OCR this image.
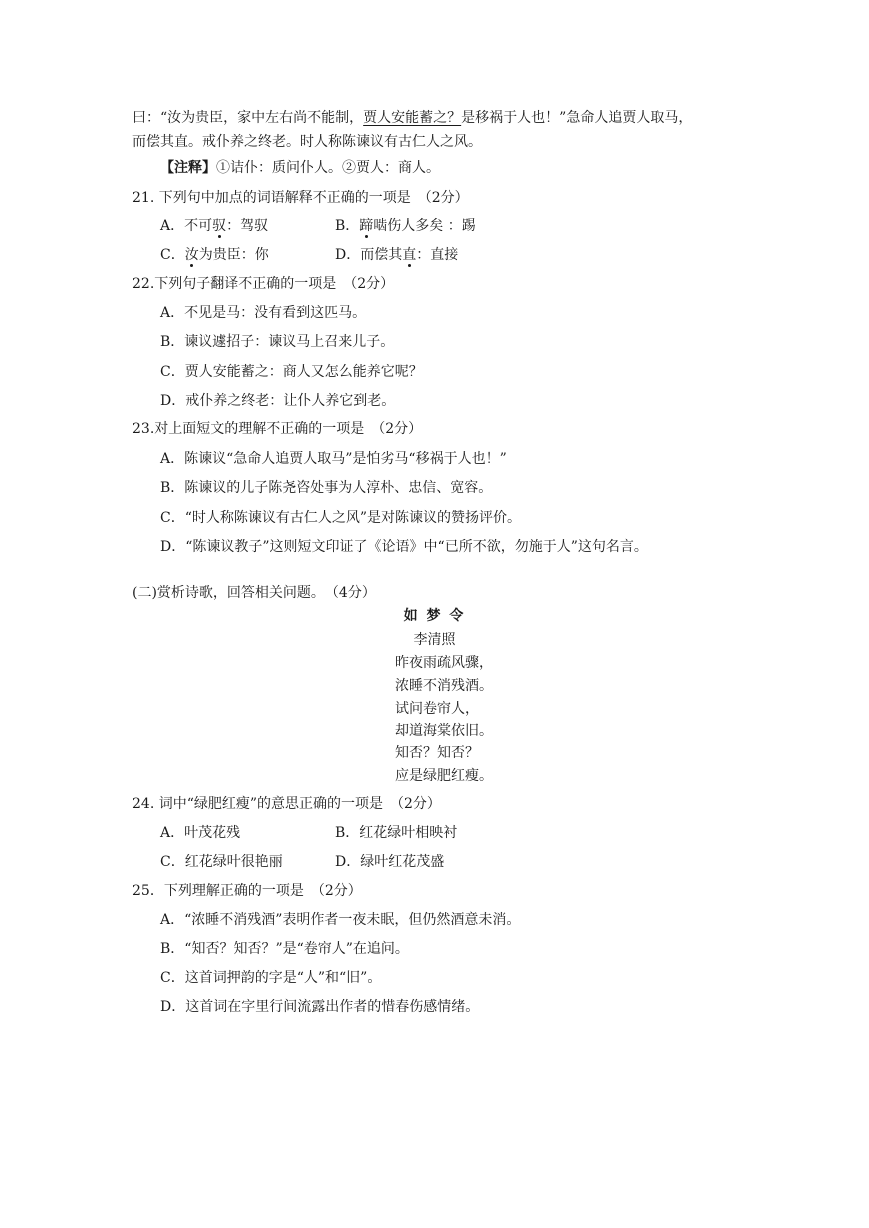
曰：“汝为贵臣，家中左右尚不能制，贾人安能蓄之？是移祸于人也！”急命人追贾人取马，
而偿其直。戒仆养之终老。时人称陈谏议有古仁人之风。
【注释】①诘仆：质问仆人。②贾人：商人。
21. 下列句中加点的词语解释不正确的一项是　（2分）
A．不可驭：驾驭	B．蹄啮伤人多矣 ：踢
C．汝为贵臣：你	D．而偿其直：直接
22.下列句子翻译不正确的一项是　（2分）
A．不见是马：没有看到这匹马。
B．谏议遽招子：谏议马上召来儿子。
C．贾人安能蓄之：商人又怎么能养它呢？
D．戒仆养之终老：让仆人养它到老。
23.对上面短文的理解不正确的一项是　（2分）
A．陈谏议“急命人追贾人取马”是怕劣马“移祸于人也！”
B．陈谏议的儿子陈尧咨处事为人淳朴、忠信、宽容。
C．“时人称陈谏议有古仁人之风”是对陈谏议的赞扬评价。
D．“陈谏议教子”这则短文印证了《论语》中“已所不欲，勿施于人”这句名言。
(二)赏析诗歌，回答相关问题。　（4分）
如 梦 令
李清照
昨夜雨疏风骤，
浓睡不消残酒。
试问卷帘人，
却道海棠依旧。
知否？知否？
应是绿肥红瘦。
24. 词中“绿肥红瘦”的意思正确的一项是　（2分）
A．叶茂花残	B．红花绿叶相映衬
C．红花绿叶很艳丽	D．绿叶红花茂盛
25．下列理解正确的一项是　（2分）
A．“浓睡不消残酒”表明作者一夜未眠，但仍然酒意未消。
B．“知否？知否？”是“卷帘人”在追问。
C．这首词押韵的字是“人”和“旧”。
D．这首词在字里行间流露出作者的惜春伤感情绪。
